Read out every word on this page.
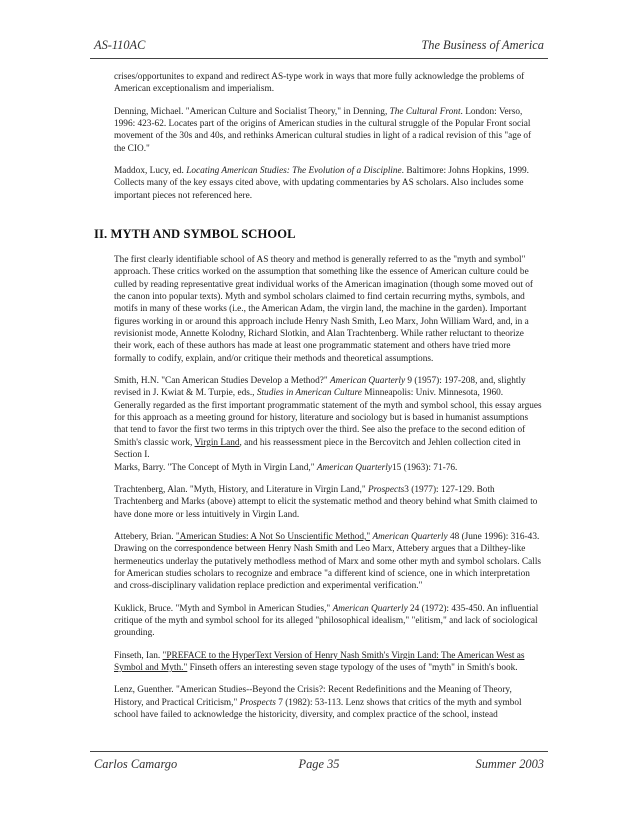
AS-110AC	The Business of America

crises/opportunites to expand and redirect AS-type work in ways that more fully acknowledge the problems of American exceptionalism and imperialism.

Denning, Michael. "American Culture and Socialist Theory," in Denning, The Cultural Front. London: Verso, 1996: 423-62. Locates part of the origins of American studies in the cultural struggle of the Popular Front social movement of the 30s and 40s, and rethinks American cultural studies in light of a radical revision of this "age of the CIO."

Maddox, Lucy, ed. Locating American Studies: The Evolution of a Discipline. Baltimore: Johns Hopkins, 1999. Collects many of the key essays cited above, with updating commentaries by AS scholars. Also includes some important pieces not referenced here.

II. MYTH AND SYMBOL SCHOOL

The first clearly identifiable school of AS theory and method is generally referred to as the "myth and symbol" approach. These critics worked on the assumption that something like the essence of American culture could be culled by reading representative great individual works of the American imagination (though some moved out of the canon into popular texts). Myth and symbol scholars claimed to find certain recurring myths, symbols, and motifs in many of these works (i.e., the American Adam, the virgin land, the machine in the garden). Important figures working in or around this approach include Henry Nash Smith, Leo Marx, John William Ward, and, in a revisionist mode, Annette Kolodny, Richard Slotkin, and Alan Trachtenberg. While rather reluctant to theorize their work, each of these authors has made at least one programmatic statement and others have tried more formally to codify, explain, and/or critique their methods and theoretical assumptions.

Smith, H.N. "Can American Studies Develop a Method?" American Quarterly 9 (1957): 197-208, and, slightly revised in J. Kwiat & M. Turpie, eds., Studies in American Culture Minneapolis: Univ. Minnesota, 1960. Generally regarded as the first important programmatic statement of the myth and symbol school, this essay argues for this approach as a meeting ground for history, literature and sociology but is based in humanist assumptions that tend to favor the first two terms in this triptych over the third. See also the preface to the second edition of Smith's classic work, Virgin Land, and his reassessment piece in the Bercovitch and Jehlen collection cited in Section I.
Marks, Barry. "The Concept of Myth in Virgin Land," American Quarterly15 (1963): 71-76.

Trachtenberg, Alan. "Myth, History, and Literature in Virgin Land," Prospects3 (1977): 127-129. Both Trachtenberg and Marks (above) attempt to elicit the systematic method and theory behind what Smith claimed to have done more or less intuitively in Virgin Land.

Attebery, Brian. "American Studies: A Not So Unscientific Method," American Quarterly 48 (June 1996): 316-43. Drawing on the correspondence between Henry Nash Smith and Leo Marx, Attebery argues that a Dilthey-like hermeneutics underlay the putatively methodless method of Marx and some other myth and symbol scholars. Calls for American studies scholars to recognize and embrace "a different kind of science, one in which interpretation and cross-disciplinary validation replace prediction and experimental verification."

Kuklick, Bruce. "Myth and Symbol in American Studies," American Quarterly 24 (1972): 435-450. An influential critique of the myth and symbol school for its alleged "philosophical idealism," "elitism," and lack of sociological grounding.

Finseth, Ian. "PREFACE to the HyperText Version of Henry Nash Smith's Virgin Land: The American West as Symbol and Myth." Finseth offers an interesting seven stage typology of the uses of "myth" in Smith's book.

Lenz, Guenther. "American Studies--Beyond the Crisis?: Recent Redefinitions and the Meaning of Theory, History, and Practical Criticism," Prospects 7 (1982): 53-113. Lenz shows that critics of the myth and symbol school have failed to acknowledge the historicity, diversity, and complex practice of the school, instead

Carlos Camargo	Page 35	Summer 2003
